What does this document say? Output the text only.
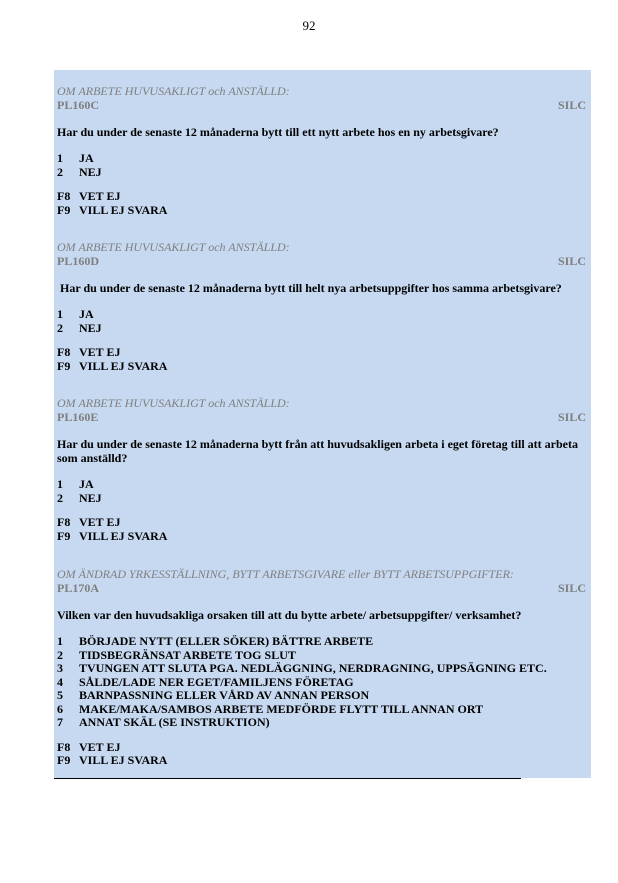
92
OM ARBETE HUVUSAKLIGT och ANSTÄLLD:
PL160C	SILC
Har du under de senaste 12 månaderna bytt till ett nytt arbete hos en ny arbetsgivare?
1	JA
2	NEJ
F8 VET EJ
F9 VILL EJ SVARA
OM ARBETE HUVUSAKLIGT och ANSTÄLLD:
PL160D	SILC
Har du under de senaste 12 månaderna bytt till helt nya arbetsuppgifter hos samma arbetsgivare?
1	JA
2	NEJ
F8 VET EJ
F9 VILL EJ SVARA
OM ARBETE HUVUSAKLIGT och ANSTÄLLD:
PL160E	SILC
Har du under de senaste 12 månaderna bytt från att huvudsakligen arbeta i eget företag till att arbeta som anställd?
1	JA
2	NEJ
F8 VET EJ
F9 VILL EJ SVARA
OM ÄNDRAD YRKESSTÄLLNING, BYTT ARBETSGIVARE eller BYTT ARBETSUPPGIFTER:
PL170A	SILC
Vilken var den huvudsakliga orsaken till att du bytte arbete/ arbetsuppgifter/ verksamhet?
1	BÖRJADE NYTT (ELLER SÖKER) BÄTTRE ARBETE
2	TIDSBEGRÄNSAT ARBETE TOG SLUT
3	TVUNGEN ATT SLUTA PGA. NEDLÄGGNING, NERDRAGNING, UPPSÄGNING ETC.
4	SÅLDE/LADE NER EGET/FAMILJENS FÖRETAG
5	BARNPASSNING ELLER VÅRD AV ANNAN PERSON
6	MAKE/MAKA/SAMBOS ARBETE MEDFÖRDE FLYTT TILL ANNAN ORT
7	ANNAT SKÄL (SE INSTRUKTION)
F8 VET EJ
F9 VILL EJ SVARA
